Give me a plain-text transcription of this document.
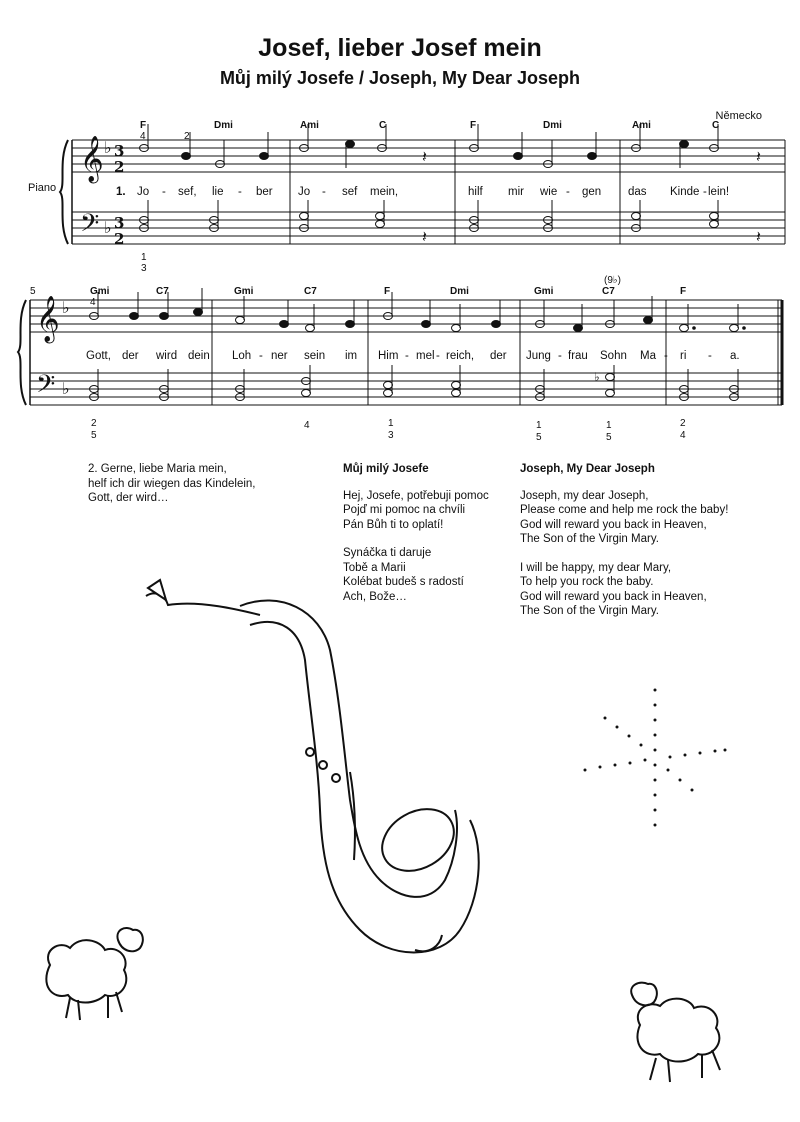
Josef, lieber Josef mein
Můj milý Josefe / Joseph, My Dear Joseph
Německo
𝄞
𝄢
♭
♭
3
2
3
2
𝄞
𝄢
♭
♭
𝄽	𝄽
𝄽	𝄽
♭
Piano
F	Dmi	Ami	C	F	Dmi	Ami	C
4	2
1
3
1. Jo - sef, lie - ber Jo - sef mein,	hilf mir wie - gen das Kinde - lein!
5	Gmi	C7	Gmi	C7	F	Dmi	Gmi	C7	F
(9♭)
4
Gott, der wird dein Loh - ner sein im Him - mel - reich, der Jung - frau Sohn Ma - ri - a.
2
5
4	1
3
1
5
1
5
2
4
2. Gerne, liebe Maria mein,
helf ich dir wiegen das Kindelein,
Gott, der wird…
Můj milý Josefe
Hej, Josefe, potřebuji pomoc
Pojď mi pomoc na chvíli
Pán Bůh ti to oplatí!
Synáčka ti daruje
Tobě a Marii
Kolébat budeš s radostí
Ach, Bože…
Joseph, My Dear Joseph
Joseph, my dear Joseph,
Please come and help me rock the baby!
God will reward you back in Heaven,
The Son of the Virgin Mary.
I will be happy, my dear Mary,
To help you rock the baby.
God will reward you back in Heaven,
The Son of the Virgin Mary.
